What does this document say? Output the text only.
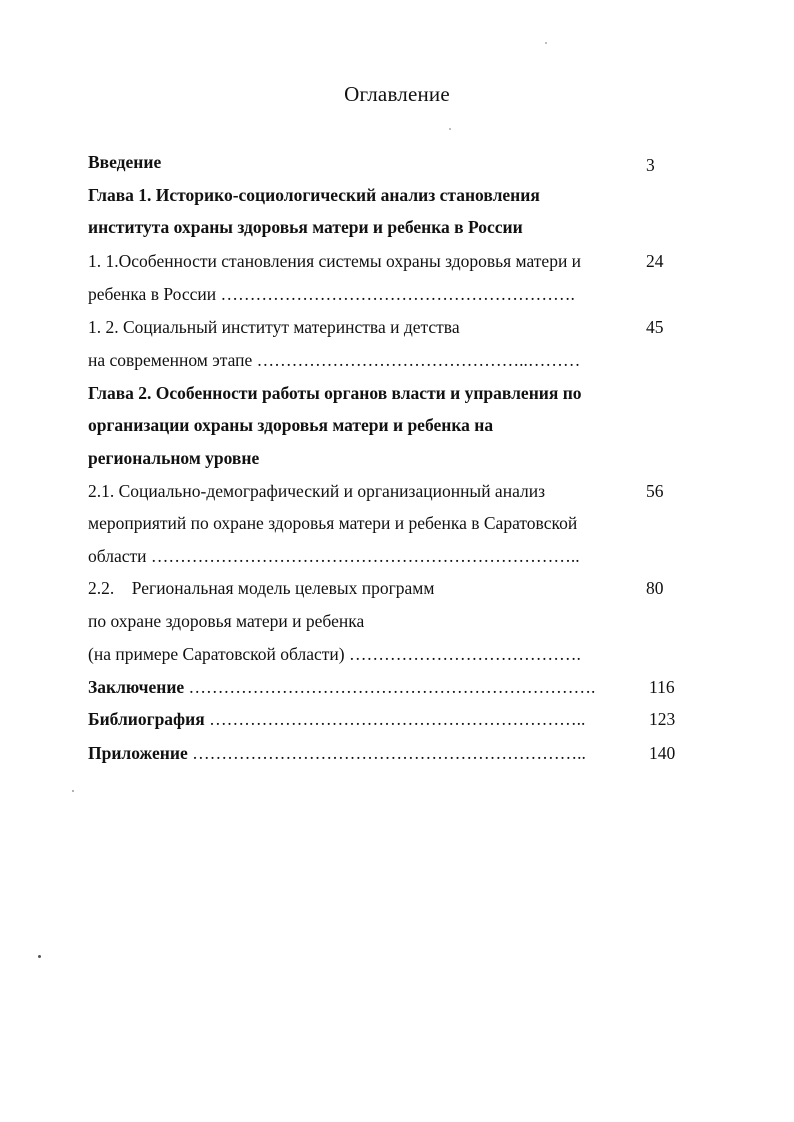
Оглавление
Введение	3
Глава 1. Историко-социологический анализ становления
института охраны здоровья матери и ребенка в России
1. 1.Особенности становления системы охраны здоровья матери и	24
ребенка в России …………………………………………………….
1. 2. Социальный институт материнства и детства	45
на современном этапе ………………………………………..………
Глава 2. Особенности работы органов власти и управления по
организации охраны здоровья матери и ребенка на
региональном уровне
2.1. Социально-демографический и организационный анализ	56
мероприятий по охране здоровья матери и ребенка в Саратовской
области ………………………………………………………………..
2.2.    Региональная модель целевых программ	80
по охране здоровья матери и ребенка
(на примере Саратовской области) ………………………………….
Заключение …………………………………………………………….	116
Библиография ………………………………………………………..	123
Приложение …………………………………………………………..	140
